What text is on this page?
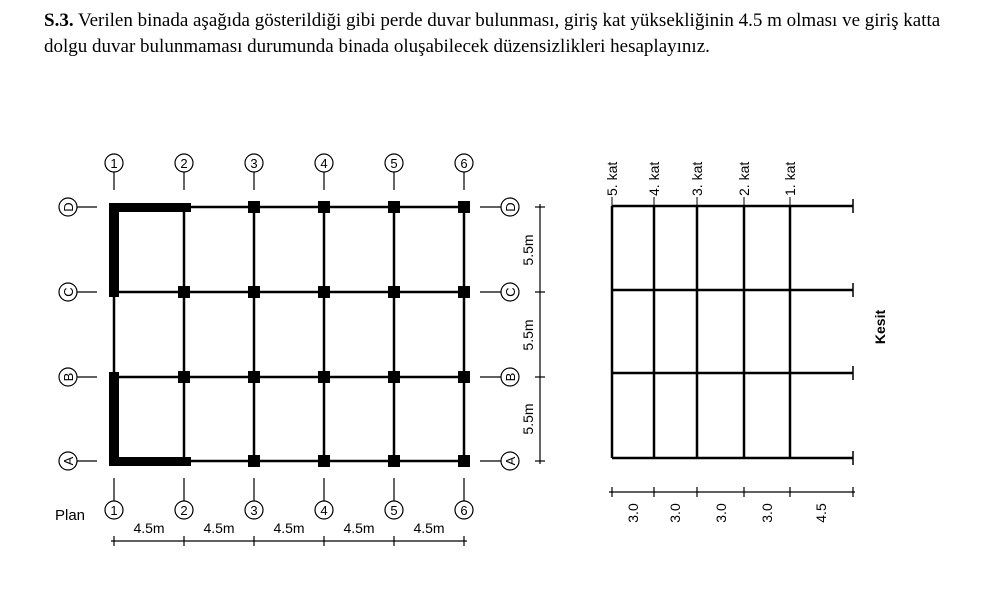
S.3. Verilen binada aşağıda gösterildiği gibi perde duvar bulunması, giriş kat yüksekliğinin 4.5 m olması ve giriş katta dolgu duvar bulunmaması durumunda binada oluşabilecek düzensizlikleri hesaplayınız.
1	2	3	4	5	6
1	2	3	4	5	6
D
C
B
A
D
C
B
A
5.5m
5.5m
5.5m
4.5m	4.5m	4.5m	4.5m	4.5m
Plan
5. kat 4. kat 3. kat 2. kat 1. kat
Kesit
3.0 3.0 3.0 3.0	4.5
